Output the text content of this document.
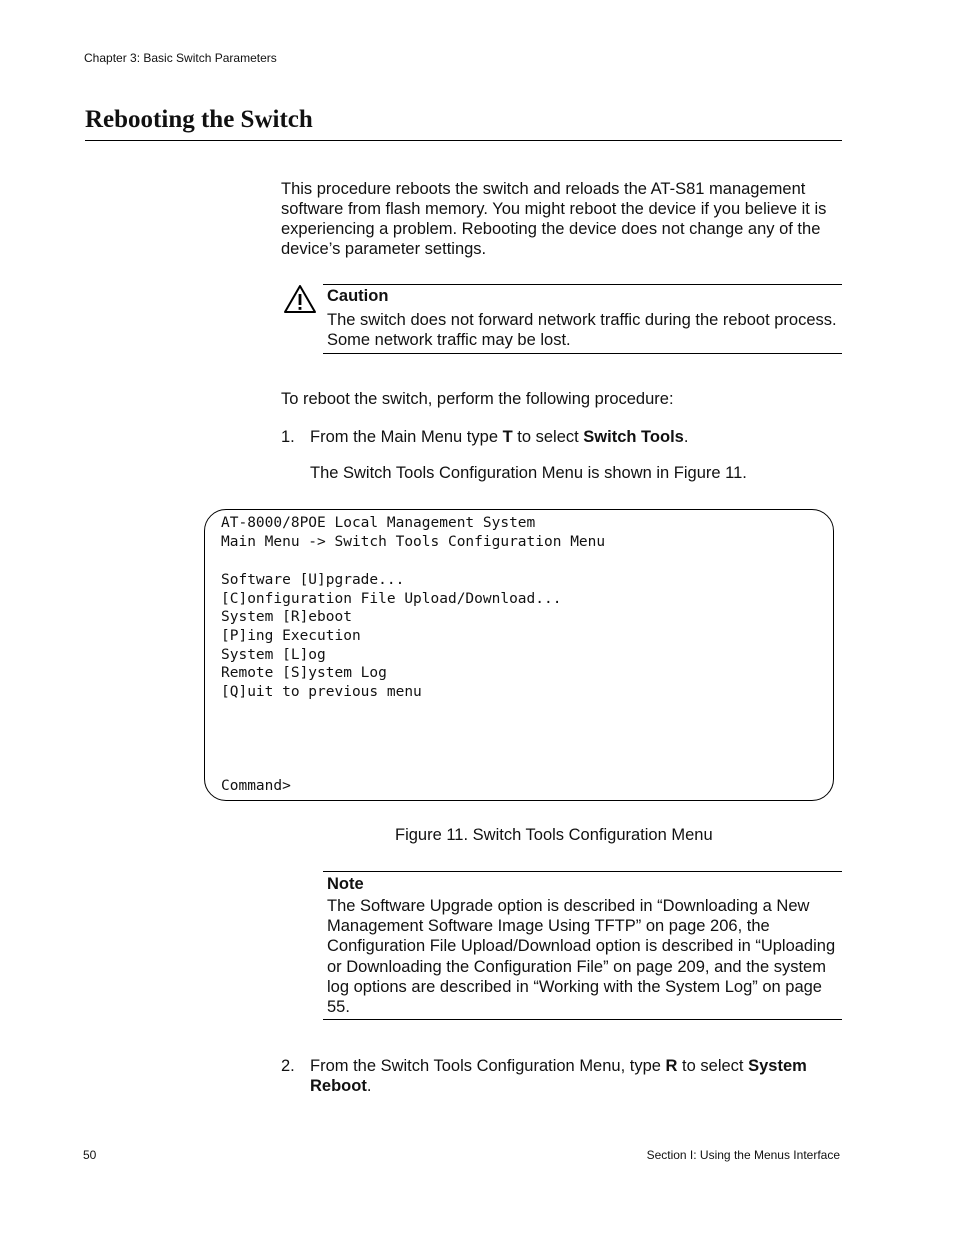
Chapter 3: Basic Switch Parameters
Rebooting the Switch

This procedure reboots the switch and reloads the AT-S81 management software from flash memory. You might reboot the device if you believe it is experiencing a problem. Rebooting the device does not change any of the device’s parameter settings.

Caution
The switch does not forward network traffic during the reboot process. Some network traffic may be lost.

To reboot the switch, perform the following procedure:

1. From the Main Menu type T to select Switch Tools.
The Switch Tools Configuration Menu is shown in Figure 11.
AT-8000/8POE Local Management System
Main Menu -> Switch Tools Configuration Menu
Software [U]pgrade...
[C]onfiguration File Upload/Download...
System [R]eboot
[P]ing Execution
System [L]og
Remote [S]ystem Log
[Q]uit to previous menu
Command>
Figure 11. Switch Tools Configuration Menu
Note
The Software Upgrade option is described in “Downloading a New Management Software Image Using TFTP” on page 206, the Configuration File Upload/Download option is described in “Uploading or Downloading the Configuration File” on page 209, and the system log options are described in “Working with the System Log” on page 55.
2. From the Switch Tools Configuration Menu, type R to select System Reboot.
50	Section I: Using the Menus Interface
